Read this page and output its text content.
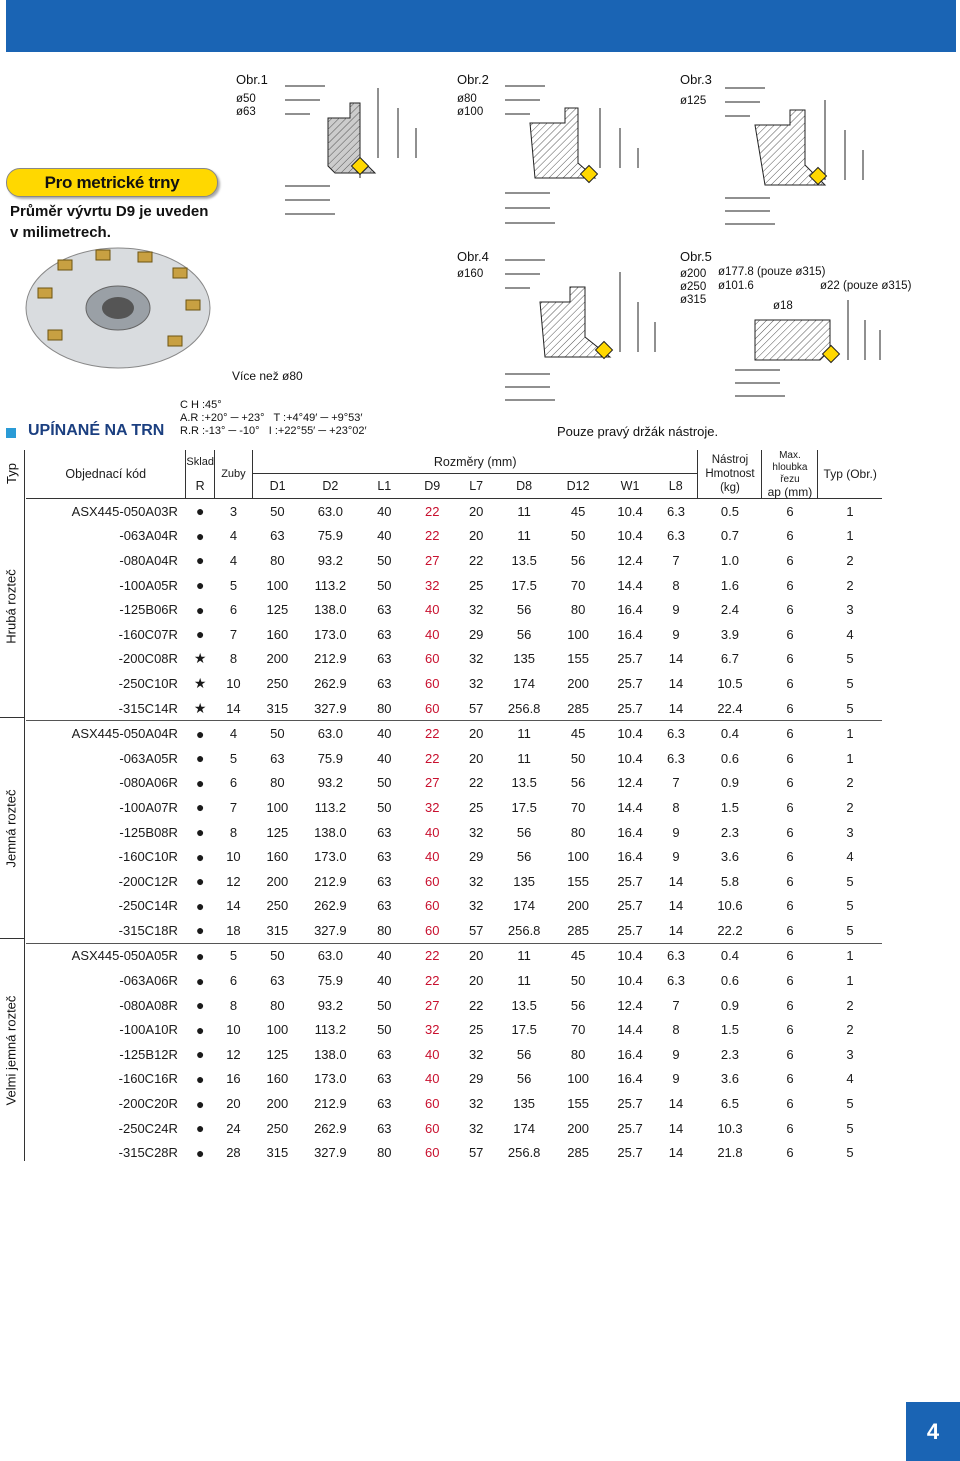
Obr.1
ø50
ø63
Obr.2
ø80
ø100
Obr.3
ø125
Obr.4
ø160
Obr.5
ø200
ø250
ø315
ø177.8 (pouze ø315)
ø101.6	ø22 (pouze ø315)
ø18
Pro metrické trny
Průměr vývrtu D9 je uveden v milimetrech.
Více než ø80
UPÍNANÉ NA TRN
C H :45°
A.R :+20° ─ +23°   T :+4°49′ ─ +9°53′
R.R :-13° ─ -10°   I :+22°55′ ─ +23°02′	Pouze pravý držák nástroje.
Typ
Hrubá rozteč
Jemná rozteč
Velmi jemná rozteč
Objednací kód	Sklad	Zuby	Rozměry (mm)									Nástroj Hmotnost (kg)	Max. hloubka řezu
ap (mm)	Typ (Obr.)
	R		D1	D2	L1	D9	L7	D8	D12	W1	L8			
ASX445-050A03R	●	3	50	63.0	40	22	20	11	45	10.4	6.3	0.5	6	1
-063A04R	●	4	63	75.9	40	22	20	11	50	10.4	6.3	0.7	6	1
-080A04R	●	4	80	93.2	50	27	22	13.5	56	12.4	7	1.0	6	2
-100A05R	●	5	100	113.2	50	32	25	17.5	70	14.4	8	1.6	6	2
-125B06R	●	6	125	138.0	63	40	32	56	80	16.4	9	2.4	6	3
-160C07R	●	7	160	173.0	63	40	29	56	100	16.4	9	3.9	6	4
-200C08R	★	8	200	212.9	63	60	32	135	155	25.7	14	6.7	6	5
-250C10R	★	10	250	262.9	63	60	32	174	200	25.7	14	10.5	6	5
-315C14R	★	14	315	327.9	80	60	57	256.8	285	25.7	14	22.4	6	5
ASX445-050A04R	●	4	50	63.0	40	22	20	11	45	10.4	6.3	0.4	6	1
-063A05R	●	5	63	75.9	40	22	20	11	50	10.4	6.3	0.6	6	1
-080A06R	●	6	80	93.2	50	27	22	13.5	56	12.4	7	0.9	6	2
-100A07R	●	7	100	113.2	50	32	25	17.5	70	14.4	8	1.5	6	2
-125B08R	●	8	125	138.0	63	40	32	56	80	16.4	9	2.3	6	3
-160C10R	●	10	160	173.0	63	40	29	56	100	16.4	9	3.6	6	4
-200C12R	●	12	200	212.9	63	60	32	135	155	25.7	14	5.8	6	5
-250C14R	●	14	250	262.9	63	60	32	174	200	25.7	14	10.6	6	5
-315C18R	●	18	315	327.9	80	60	57	256.8	285	25.7	14	22.2	6	5
ASX445-050A05R	●	5	50	63.0	40	22	20	11	45	10.4	6.3	0.4	6	1
-063A06R	●	6	63	75.9	40	22	20	11	50	10.4	6.3	0.6	6	1
-080A08R	●	8	80	93.2	50	27	22	13.5	56	12.4	7	0.9	6	2
-100A10R	●	10	100	113.2	50	32	25	17.5	70	14.4	8	1.5	6	2
-125B12R	●	12	125	138.0	63	40	32	56	80	16.4	9	2.3	6	3
-160C16R	●	16	160	173.0	63	40	29	56	100	16.4	9	3.6	6	4
-200C20R	●	20	200	212.9	63	60	32	135	155	25.7	14	6.5	6	5
-250C24R	●	24	250	262.9	63	60	32	174	200	25.7	14	10.3	6	5
-315C28R	●	28	315	327.9	80	60	57	256.8	285	25.7	14	21.8	6	5
4
